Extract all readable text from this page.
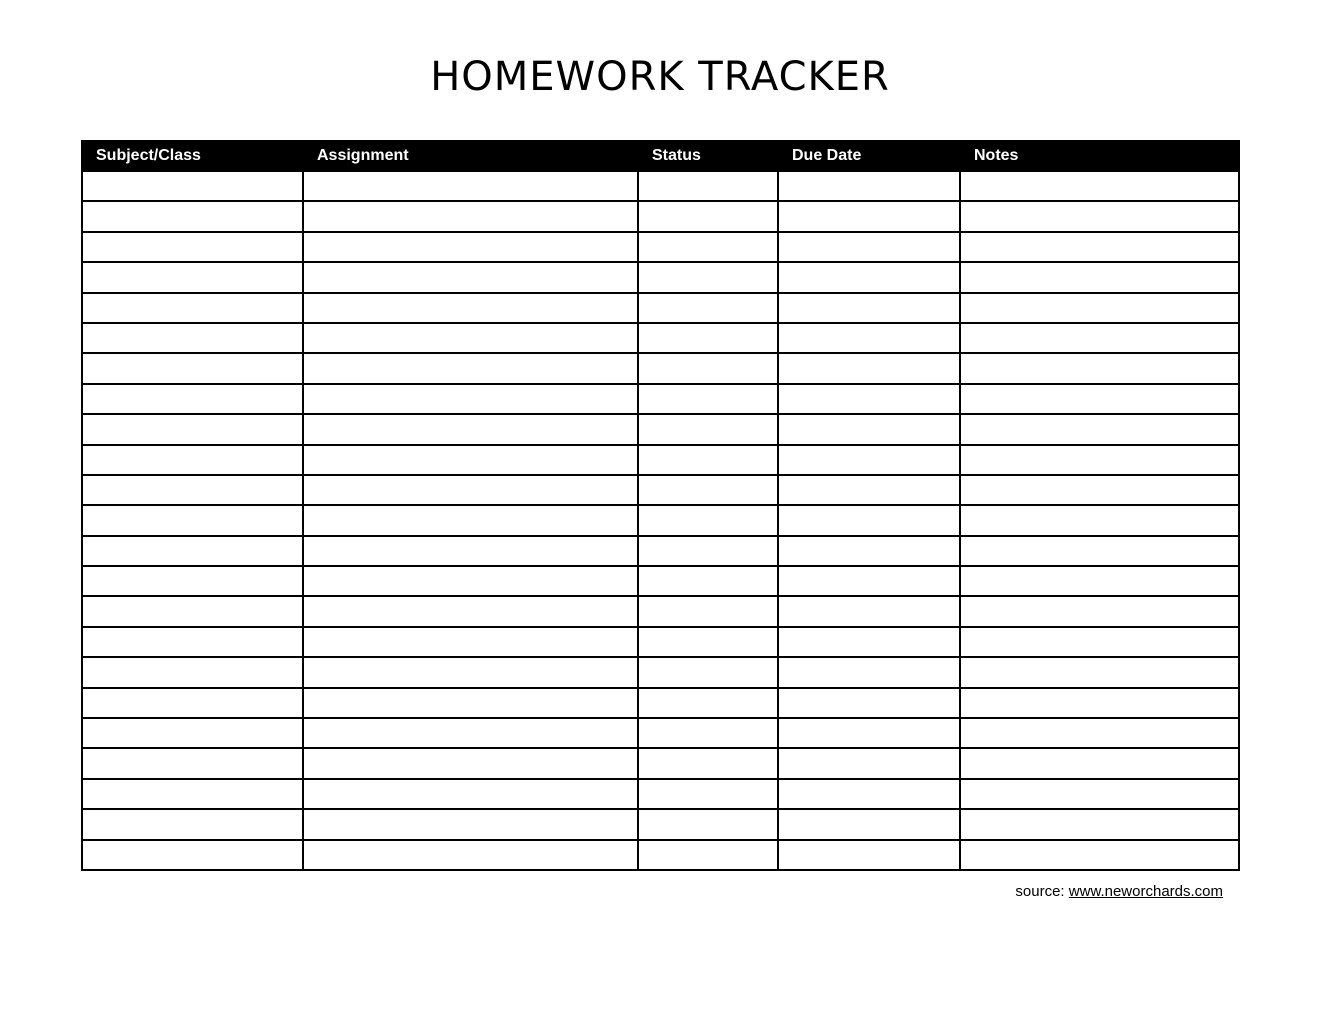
HOMEWORK TRACKER
Subject/Class	Assignment	Status	Due Date	Notes

source: www.neworchards.com
